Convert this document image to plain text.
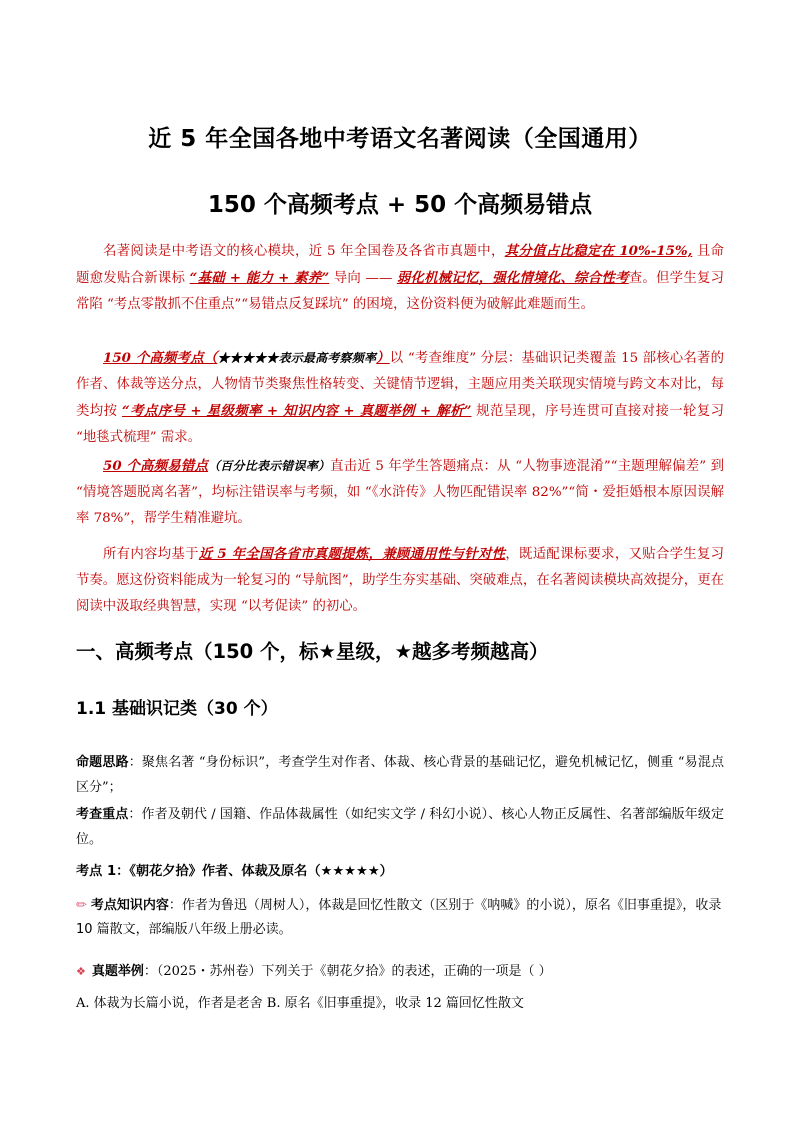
近 5 年全国各地中考语文名著阅读（全国通用）
150 个高频考点 + 50 个高频易错点
名著阅读是中考语文的核心模块，近 5 年全国卷及各省市真题中，其分值占比稳定在 10%-15%, 且命题愈发贴合新课标 “基础 + 能力 + 素养” 导向 —— 弱化机械记忆，强化情境化、综合性考查。但学生复习常陷 “考点零散抓不住重点”“易错点反复踩坑” 的困境，这份资料便为破解此难题而生。
150 个高频考点（★★★★★表示最高考察频率）以 “考查维度” 分层：基础识记类覆盖 15 部核心名著的作者、体裁等送分点，人物情节类聚焦性格转变、关键情节逻辑，主题应用类关联现实情境与跨文本对比，每类均按 “考点序号 + 星级频率 + 知识内容 + 真题举例 + 解析” 规范呈现，序号连贯可直接对接一轮复习 “地毯式梳理” 需求。
50 个高频易错点（百分比表示错误率）直击近 5 年学生答题痛点：从 “人物事迹混淆”“主题理解偏差” 到 “情境答题脱离名著”，均标注错误率与考频，如 “《水浒传》人物匹配错误率 82%”“简・爱拒婚根本原因误解率 78%”，帮学生精准避坑。
所有内容均基于近 5 年全国各省市真题提炼，兼顾通用性与针对性，既适配课标要求，又贴合学生复习节奏。愿这份资料能成为一轮复习的 “导航图”，助学生夯实基础、突破难点，在名著阅读模块高效提分，更在阅读中汲取经典智慧，实现 “以考促读” 的初心。
一、高频考点（150 个，标★星级，★越多考频越高）
1.1 基础识记类（30 个）
命题思路：聚焦名著 “身份标识”，考查学生对作者、体裁、核心背景的基础记忆，避免机械记忆，侧重 “易混点区分”；
考查重点：作者及朝代 / 国籍、作品体裁属性（如纪实文学 / 科幻小说）、核心人物正反属性、名著部编版年级定位。
考点 1：《朝花夕拾》作者、体裁及原名（★★★★★）
✏ 考点知识内容：作者为鲁迅（周树人），体裁是回忆性散文（区别于《呐喊》的小说），原名《旧事重提》，收录 10 篇散文，部编版八年级上册必读。
❖ 真题举例：（2025・苏州卷）下列关于《朝花夕拾》的表述，正确的一项是（ ）
A. 体裁为长篇小说，作者是老舍 B. 原名《旧事重提》，收录 12 篇回忆性散文
